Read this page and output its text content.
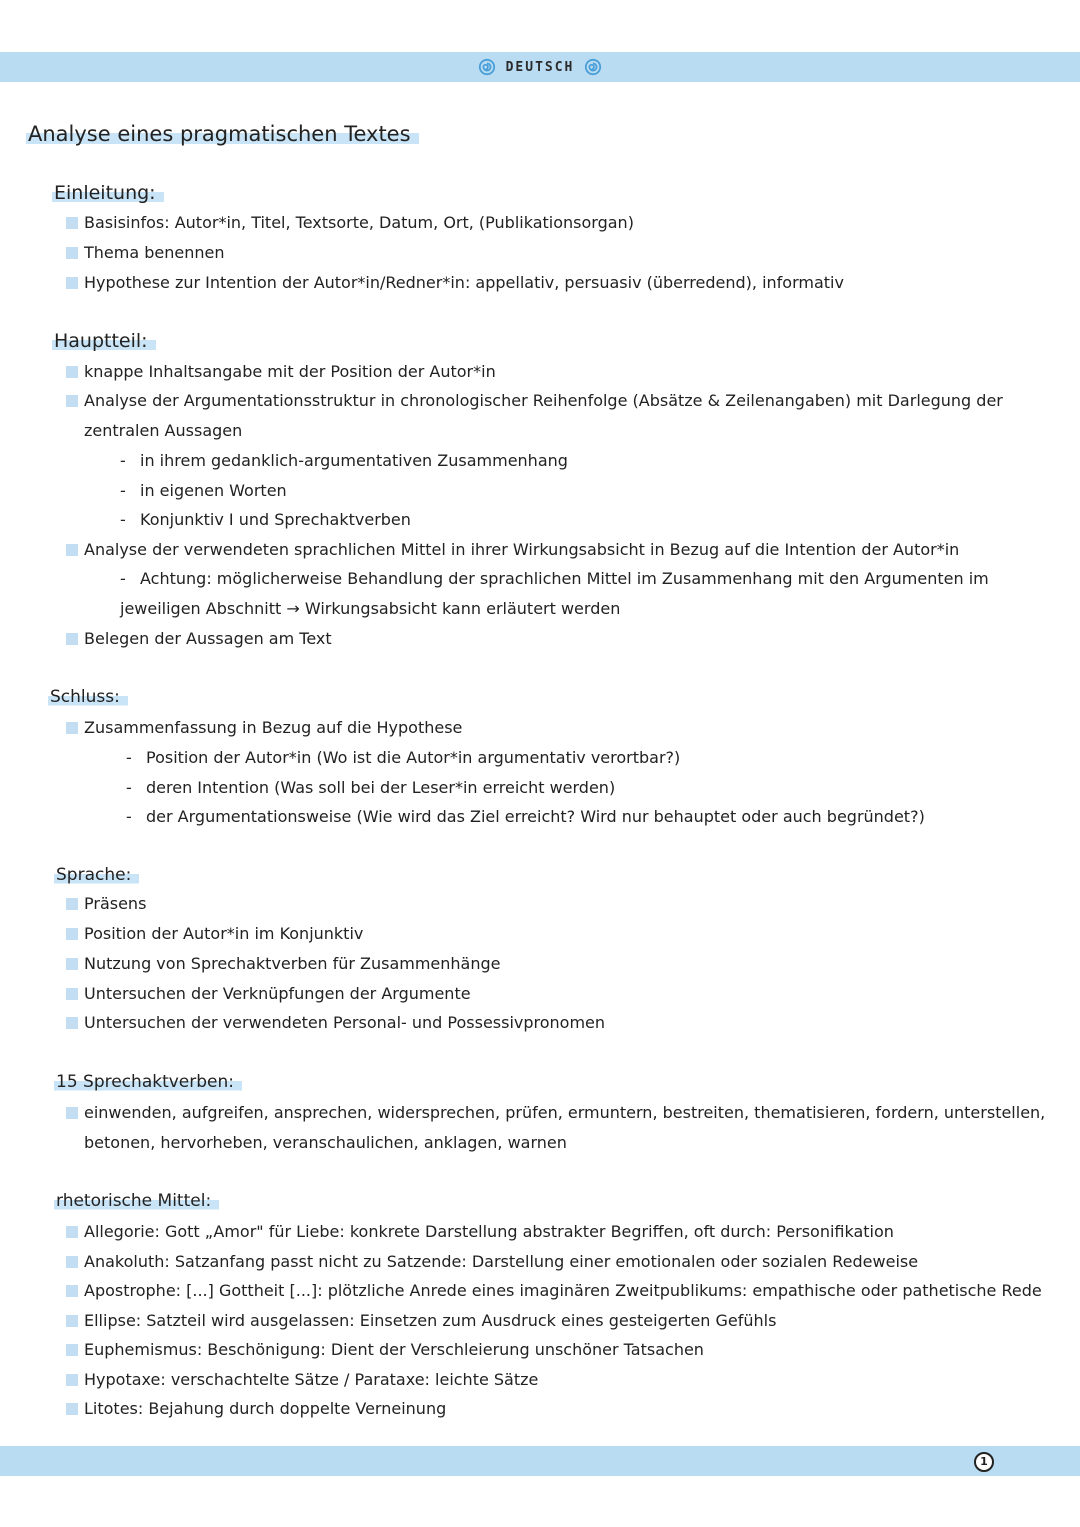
DEUTSCH
Analyse eines pragmatischen Textes
Einleitung:
Basisinfos: Autor*in, Titel, Textsorte, Datum, Ort, (Publikationsorgan)
Thema benennen
Hypothese zur Intention der Autor*in/Redner*in: appellativ, persuasiv (überredend), informativ
Hauptteil:
knappe Inhaltsangabe mit der Position der Autor*in
Analyse der Argumentationsstruktur in chronologischer Reihenfolge (Absätze & Zeilenangaben) mit Darlegung der zentralen Aussagen
- in ihrem gedanklich-argumentativen Zusammenhang
- in eigenen Worten
- Konjunktiv I und Sprechaktverben
Analyse der verwendeten sprachlichen Mittel in ihrer Wirkungsabsicht in Bezug auf die Intention der Autor*in
- Achtung: möglicherweise Behandlung der sprachlichen Mittel im Zusammenhang mit den Argumenten im jeweiligen Abschnitt → Wirkungsabsicht kann erläutert werden
Belegen der Aussagen am Text
Schluss:
Zusammenfassung in Bezug auf die Hypothese
- Position der Autor*in (Wo ist die Autor*in argumentativ verortbar?)
- deren Intention (Was soll bei der Leser*in erreicht werden)
- der Argumentationsweise (Wie wird das Ziel erreicht? Wird nur behauptet oder auch begründet?)
Sprache:
Präsens
Position der Autor*in im Konjunktiv
Nutzung von Sprechaktverben für Zusammenhänge
Untersuchen der Verknüpfungen der Argumente
Untersuchen der verwendeten Personal- und Possessivpronomen
15 Sprechaktverben:
einwenden, aufgreifen, ansprechen, widersprechen, prüfen, ermuntern, bestreiten, thematisieren, fordern, unterstellen, betonen, hervorheben, veranschaulichen, anklagen, warnen
rhetorische Mittel:
Allegorie: Gott „Amor" für Liebe: konkrete Darstellung abstrakter Begriffen, oft durch: Personifikation
Anakoluth: Satzanfang passt nicht zu Satzende: Darstellung einer emotionalen oder sozialen Redeweise
Apostrophe: [...] Gottheit [...]: plötzliche Anrede eines imaginären Zweitpublikums: empathische oder pathetische Rede
Ellipse: Satzteil wird ausgelassen: Einsetzen zum Ausdruck eines gesteigerten Gefühls
Euphemismus: Beschönigung: Dient der Verschleierung unschöner Tatsachen
Hypotaxe: verschachtelte Sätze / Parataxe: leichte Sätze
Litotes: Bejahung durch doppelte Verneinung
1
